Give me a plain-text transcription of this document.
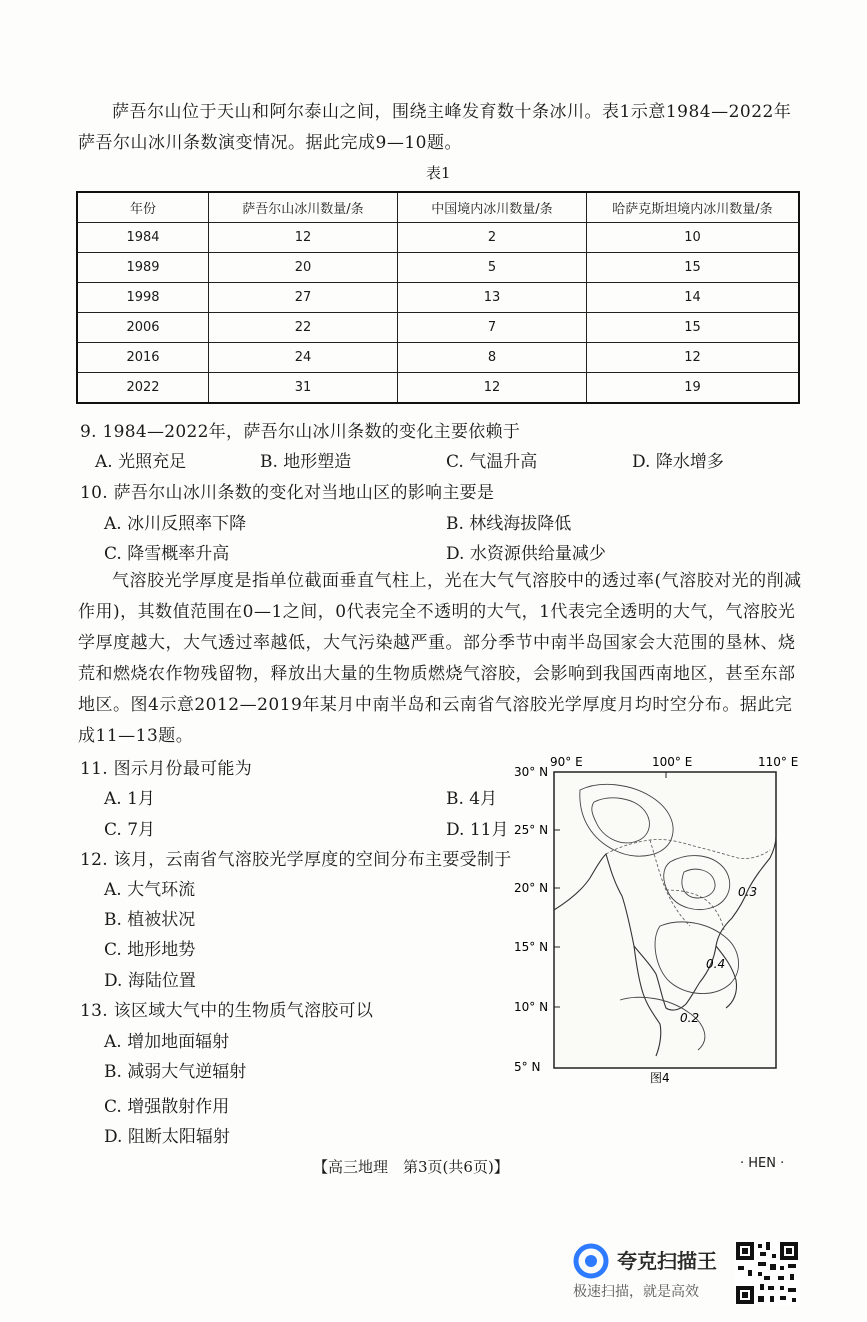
萨吾尔山位于天山和阿尔泰山之间，围绕主峰发育数十条冰川。表1示意1984—2022年萨吾尔山冰川条数演变情况。据此完成9—10题。
表1
年份	萨吾尔山冰川数量/条	中国境内冰川数量/条	哈萨克斯坦境内冰川数量/条
1984	12	2	10
1989	20	5	15
1998	27	13	14
2006	22	7	15
2016	24	8	12
2022	31	12	19
9. 1984—2022年，萨吾尔山冰川条数的变化主要依赖于
A. 光照充足	B. 地形塑造	C. 气温升高	D. 降水增多
10. 萨吾尔山冰川条数的变化对当地山区的影响主要是
A. 冰川反照率下降	B. 林线海拔降低
C. 降雪概率升高	D. 水资源供给量减少
气溶胶光学厚度是指单位截面垂直气柱上，光在大气气溶胶中的透过率(气溶胶对光的削减作用)，其数值范围在0—1之间，0代表完全不透明的大气，1代表完全透明的大气，气溶胶光学厚度越大，大气透过率越低，大气污染越严重。部分季节中南半岛国家会大范围的垦林、烧荒和燃烧农作物残留物，释放出大量的生物质燃烧气溶胶，会影响到我国西南地区，甚至东部地区。图4示意2012—2019年某月中南半岛和云南省气溶胶光学厚度月均时空分布。据此完成11—13题。
11. 图示月份最可能为
A. 1月	B. 4月
C. 7月	D. 11月
12. 该月，云南省气溶胶光学厚度的空间分布主要受制于
A. 大气环流
B. 植被状况
C. 地形地势
D. 海陆位置
13. 该区域大气中的生物质气溶胶可以
A. 增加地面辐射
B. 减弱大气逆辐射
C. 增强散射作用
D. 阻断太阳辐射
90° E	100° E	110° E
30° N
25° N
20° N
15° N
10° N
5° N
0.3
0.4
0.2
图4
【高三地理　第3页(共6页)】	· HEN ·
夸克扫描王
极速扫描，就是高效
